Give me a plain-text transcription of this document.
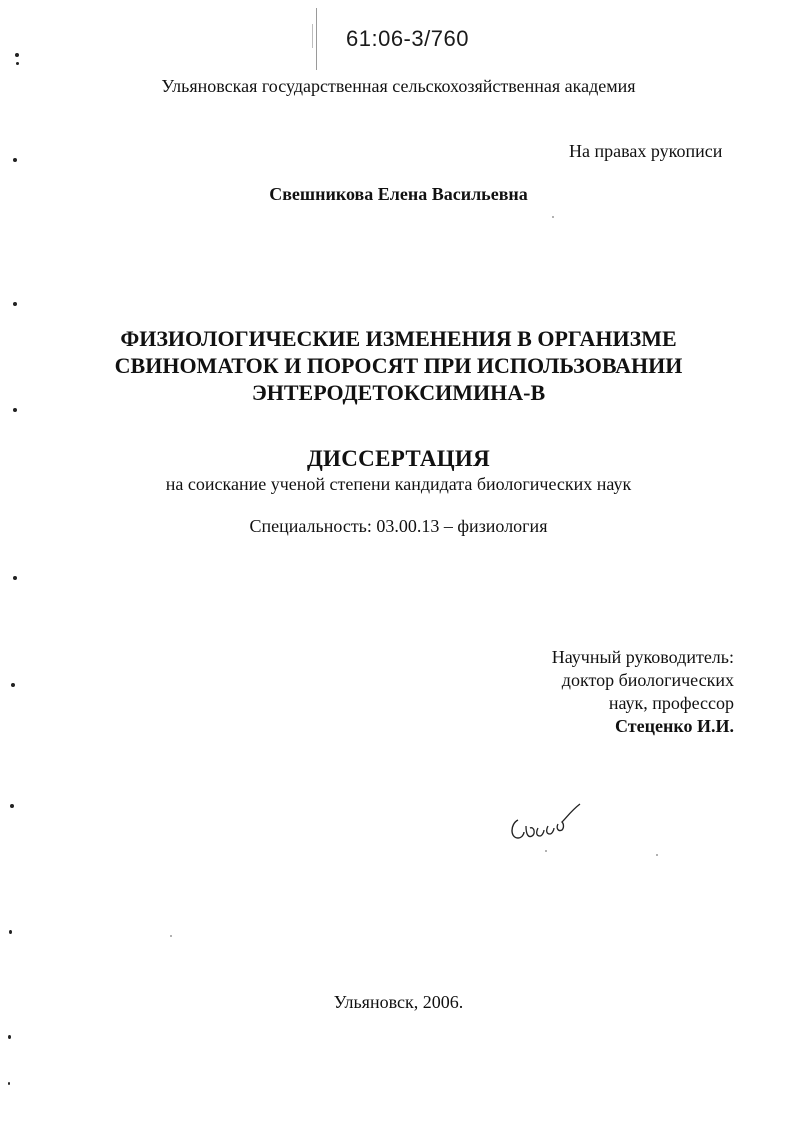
61:06-3/760
Ульяновская государственная сельскохозяйственная академия
На правах рукописи
Свешникова Елена Васильевна
ФИЗИОЛОГИЧЕСКИЕ ИЗМЕНЕНИЯ В ОРГАНИЗМЕ
СВИНОМАТОК И ПОРОСЯТ ПРИ ИСПОЛЬЗОВАНИИ
ЭНТЕРОДЕТОКСИМИНА-В
ДИССЕРТАЦИЯ
на соискание ученой степени кандидата биологических наук
Специальность: 03.00.13 – физиология
Научный руководитель:
доктор биологических
наук, профессор
Стеценко И.И.
Ульяновск, 2006.
